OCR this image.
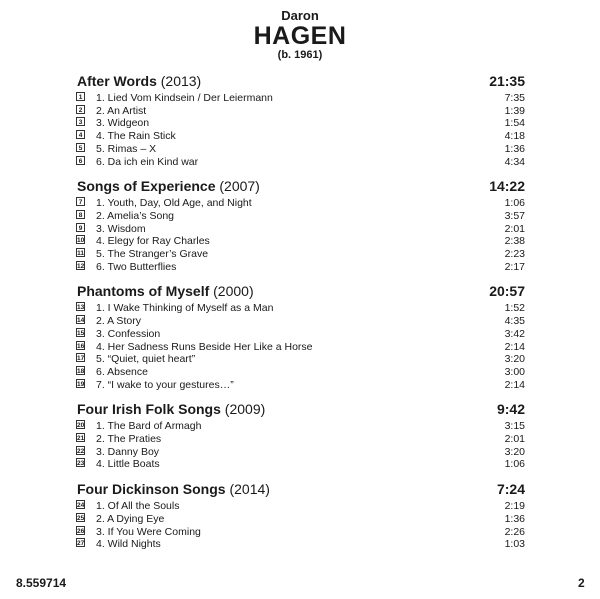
Daron
HAGEN
(b. 1961)
After Words (2013)	21:35
1 1. Lied Vom Kindsein / Der Leiermann	7:35
2 2. An Artist	1:39
3 3. Widgeon	1:54
4 4. The Rain Stick	4:18
5 5. Rimas – X	1:36
6 6. Da ich ein Kind war	4:34
Songs of Experience (2007)	14:22
7 1. Youth, Day, Old Age, and Night	1:06
8 2. Amelia’s Song	3:57
9 3. Wisdom	2:01
10 4. Elegy for Ray Charles	2:38
11 5. The Stranger’s Grave	2:23
12 6. Two Butterflies	2:17
Phantoms of Myself (2000)	20:57
13 1. I Wake Thinking of Myself as a Man	1:52
14 2. A Story	4:35
15 3. Confession	3:42
16 4. Her Sadness Runs Beside Her Like a Horse	2:14
17 5. “Quiet, quiet heart”	3:20
18 6. Absence	3:00
19 7. “I wake to your gestures…”	2:14
Four Irish Folk Songs (2009)	9:42
20 1. The Bard of Armagh	3:15
21 2. The Praties	2:01
22 3. Danny Boy	3:20
23 4. Little Boats	1:06
Four Dickinson Songs (2014)	7:24
24 1. Of All the Souls	2:19
25 2. A Dying Eye	1:36
26 3. If You Were Coming	2:26
27 4. Wild Nights	1:03
8.559714	2
